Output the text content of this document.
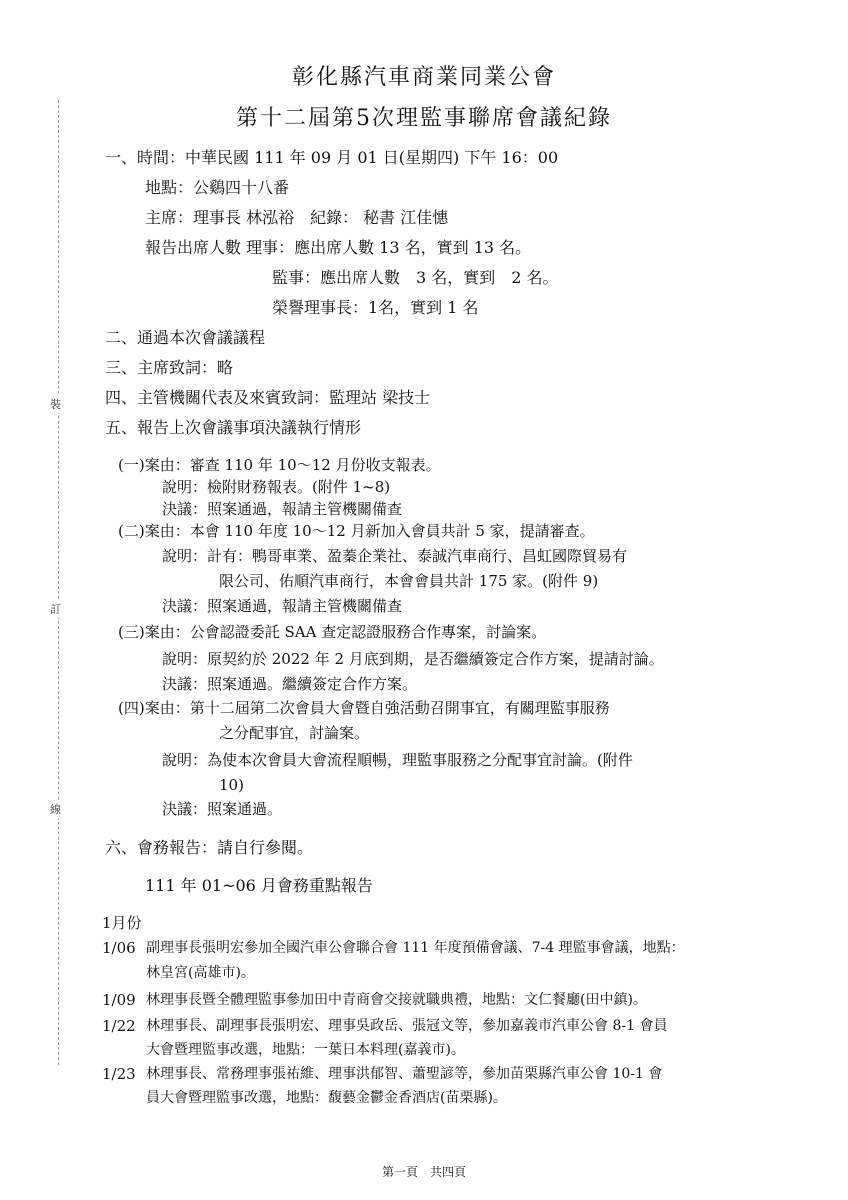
彰化縣汽車商業同業公會
第十二屆第5次理監事聯席會議紀錄
裝
訂
線
一、時間：中華民國 111 年 09 月 01 日(星期四) 下午 16：00
地點：公鷄四十八番
主席：理事長 林泓裕　紀錄： 秘書 江佳憓
報告出席人數 理事：應出席人數 13 名，實到 13 名。
監事：應出席人數　3 名，實到　2 名。
榮譽理事長：1名，實到 1 名
二、通過本次會議議程
三、主席致詞：略
四、主管機關代表及來賓致詞：監理站 梁技士
五、報告上次會議事項決議執行情形
(一)案由：審查 110 年 10～12 月份收支報表。
說明：檢附財務報表。(附件 1~8)
決議：照案通過，報請主管機關備查
(二)案由：本會 110 年度 10～12 月新加入會員共計 5 家，提請審查。
說明：計有：鴨哥車業、盈蓁企業社、泰誠汽車商行、昌虹國際貿易有
限公司、佑順汽車商行，本會會員共計 175 家。(附件 9)
決議：照案通過，報請主管機關備查
(三)案由：公會認證委託 SAA 查定認證服務合作專案，討論案。
說明：原契約於 2022 年 2 月底到期，是否繼續簽定合作方案，提請討論。
決議：照案通過。繼續簽定合作方案。
(四)案由：第十二屆第二次會員大會暨自強活動召開事宜，有關理監事服務
之分配事宜，討論案。
說明：為使本次會員大會流程順暢，理監事服務之分配事宜討論。(附件
10)
決議：照案通過。
六、會務報告：請自行參閱。
111 年 01~06 月會務重點報告
1月份
1/06 副理事長張明宏參加全國汽車公會聯合會 111 年度預備會議、7-4 理監事會議，地點：
林皇宮(高雄市)。
1/09 林理事長暨全體理監事參加田中青商會交接就職典禮，地點：文仁餐廳(田中鎮)。
1/22 林理事長、副理事長張明宏、理事吳政岳、張冠文等，參加嘉義市汽車公會 8-1 會員
大會暨理監事改選，地點：一葉日本料理(嘉義市)。
1/23 林理事長、常務理事張祐維、理事洪郁智、蕭聖諺等，參加苗栗縣汽車公會 10-1 會
員大會暨理監事改選，地點：馥藝金鬱金香酒店(苗栗縣)。
第一頁　共四頁
